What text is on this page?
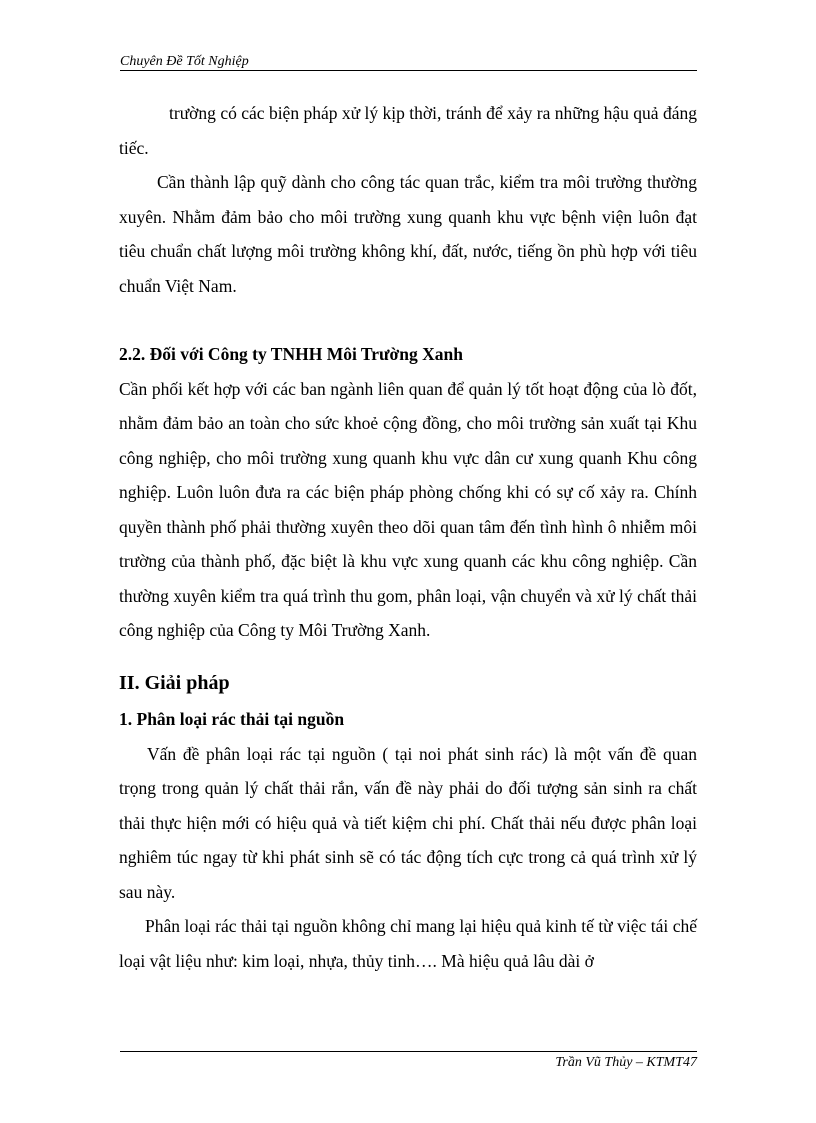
Chuyên Đề Tốt Nghiệp

trường có các biện pháp xử lý kịp thời, tránh để xảy ra những hậu quả đáng tiếc.

Cần thành lập quỹ dành cho công tác quan trắc, kiểm tra môi trường thường xuyên. Nhằm đảm bảo cho môi trường xung quanh khu vực bệnh viện luôn đạt tiêu chuẩn chất lượng môi trường không khí, đất, nước, tiếng ồn phù hợp với tiêu chuẩn Việt Nam.

2.2. Đối với Công ty TNHH Môi Trường Xanh

Cần phối kết hợp với các ban ngành liên quan để quản lý tốt hoạt động của lò đốt, nhằm đảm bảo an toàn cho sức khoẻ cộng đồng, cho môi trường sản xuất tại Khu công nghiệp, cho môi trường xung quanh khu vực dân cư xung quanh Khu công nghiệp. Luôn luôn đưa ra các biện pháp phòng chống khi có sự cố xảy ra. Chính quyền thành phố phải thường xuyên theo dõi quan tâm đến tình hình ô nhiễm môi trường của thành phố, đặc biệt là khu vực xung quanh các khu công nghiệp. Cần thường xuyên kiểm tra quá trình thu gom, phân loại, vận chuyển và xử lý chất thải công nghiệp của Công ty Môi Trường Xanh.

II. Giải pháp

1. Phân loại rác thải tại nguồn

Vấn đề phân loại rác tại nguồn ( tại noi phát sinh rác) là một vấn đề quan trọng trong quản lý chất thải rắn, vấn đề này phải do đối tượng sản sinh ra chất thải thực hiện mới có hiệu quả và tiết kiệm chi phí. Chất thải nếu được phân loại nghiêm túc ngay từ khi phát sinh sẽ có tác động tích cực trong cả quá trình xử lý sau này.

Phân loại rác thải tại nguồn không chỉ mang lại hiệu quả kinh tế từ việc tái chế loại vật liệu như: kim loại, nhựa, thủy tinh…. Mà hiệu quả lâu dài ở

Trần Vũ Thủy – KTMT47
